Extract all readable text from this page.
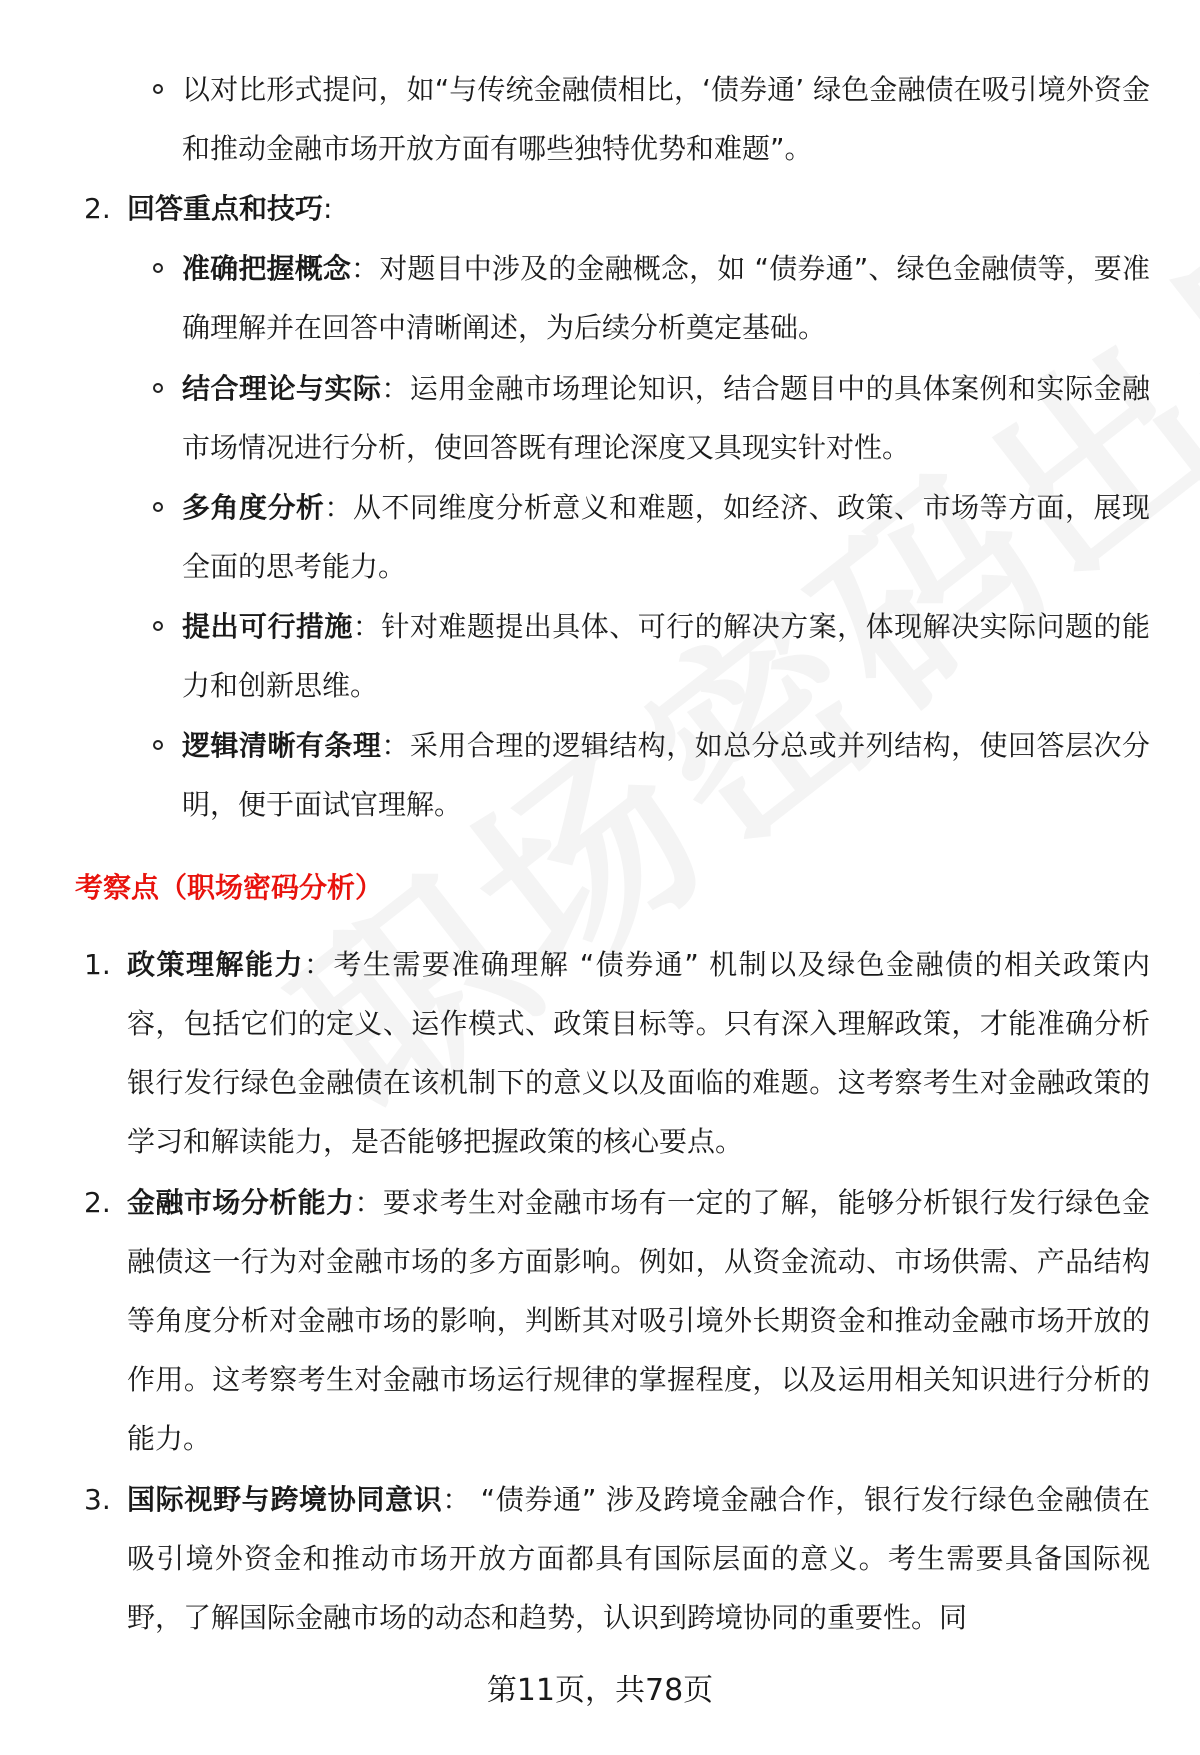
以对比形式提问，如“与传统金融债相比，‘债券通’ 绿色金融债在吸引境外资金和推动金融市场开放方面有哪些独特优势和难题”。

2. 回答重点和技巧:

准确把握概念：对题目中涉及的金融概念，如 “债券通”、绿色金融债等，要准确理解并在回答中清晰阐述，为后续分析奠定基础。

结合理论与实际：运用金融市场理论知识，结合题目中的具体案例和实际金融市场情况进行分析，使回答既有理论深度又具现实针对性。

多角度分析：从不同维度分析意义和难题，如经济、政策、市场等方面，展现全面的思考能力。

提出可行措施：针对难题提出具体、可行的解决方案，体现解决实际问题的能力和创新思维。

逻辑清晰有条理：采用合理的逻辑结构，如总分总或并列结构，使回答层次分明，便于面试官理解。

考察点（职场密码分析）
1. 政策理解能力：考生需要准确理解 “债券通” 机制以及绿色金融债的相关政策内容，包括它们的定义、运作模式、政策目标等。只有深入理解政策，才能准确分析银行发行绿色金融债在该机制下的意义以及面临的难题。这考察考生对金融政策的学习和解读能力，是否能够把握政策的核心要点。

2. 金融市场分析能力：要求考生对金融市场有一定的了解，能够分析银行发行绿色金融债这一行为对金融市场的多方面影响。例如，从资金流动、市场供需、产品结构等角度分析对金融市场的影响，判断其对吸引境外长期资金和推动金融市场开放的作用。这考察考生对金融市场运行规律的掌握程度，以及运用相关知识进行分析的能力。

3. 国际视野与跨境协同意识： “债券通” 涉及跨境金融合作，银行发行绿色金融债在吸引境外资金和推动市场开放方面都具有国际层面的意义。考生需要具备国际视野，了解国际金融市场的动态和趋势，认识到跨境协同的重要性。同

第11页，共78页
